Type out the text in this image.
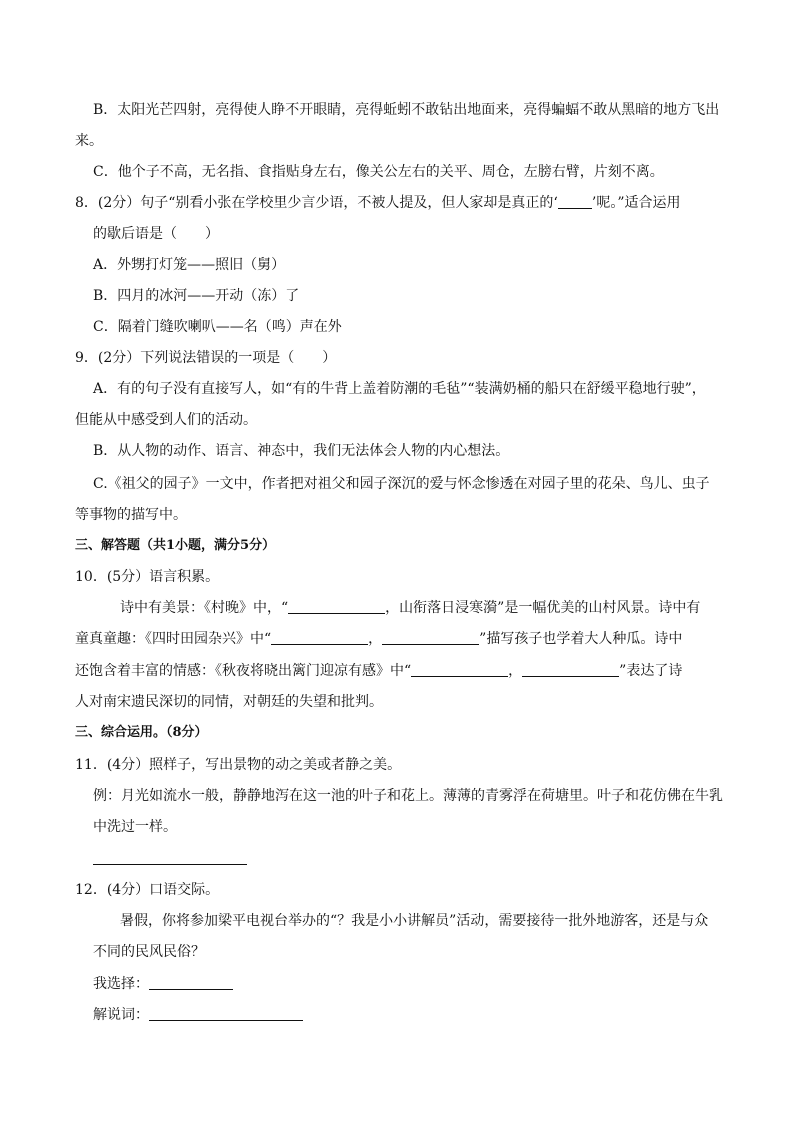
B．太阳光芒四射，亮得使人睁不开眼睛，亮得蚯蚓不敢钻出地面来，亮得蝙蝠不敢从黑暗的地方飞出
来。
C．他个子不高，无名指、食指贴身左右，像关公左右的关平、周仓，左膀右臂，片刻不离。
8．(2分）句子“别看小张在学校里少言少语，不被人提及，但人家却是真正的‘ ’呢。”适合运用
的歇后语是（　　）
A．外甥打灯笼——照旧（舅）
B．四月的冰河——开动（冻）了
C．隔着门缝吹喇叭——名（鸣）声在外
9．(2分）下列说法错误的一项是（　　）
A．有的句子没有直接写人，如“有的牛背上盖着防潮的毛毡”“装满奶桶的船只在舒缓平稳地行驶”，
但能从中感受到人们的活动。
B．从人物的动作、语言、神态中，我们无法体会人物的内心想法。
C.《祖父的园子》一文中，作者把对祖父和园子深沉的爱与怀念惨透在对园子里的花朵、鸟儿、虫子
等事物的描写中。
三、解答题（共1小题，满分5分）
10．(5分）语言积累。
诗中有美景：《村晚》中，“	，山衔落日浸寒漪”是一幅优美的山村风景。诗中有
童真童趣：《四时田园杂兴》中“	，	”描写孩子也学着大人种瓜。诗中
还饱含着丰富的情感：《秋夜将晓出篱门迎凉有感》中“	，	”表达了诗
人对南宋遗民深切的同情，对朝廷的失望和批判。
三、综合运用。（8分）
11．(4分）照样子，写出景物的动之美或者静之美。
例：月光如流水一般，静静地泻在这一池的叶子和花上。薄薄的青雾浮在荷塘里。叶子和花仿佛在牛乳
中洗过一样。
12．(4分）口语交际。
暑假，你将参加梁平电视台举办的“？我是小小讲解员”活动，需要接待一批外地游客，还是与众
不同的民风民俗？
我选择：
解说词：
